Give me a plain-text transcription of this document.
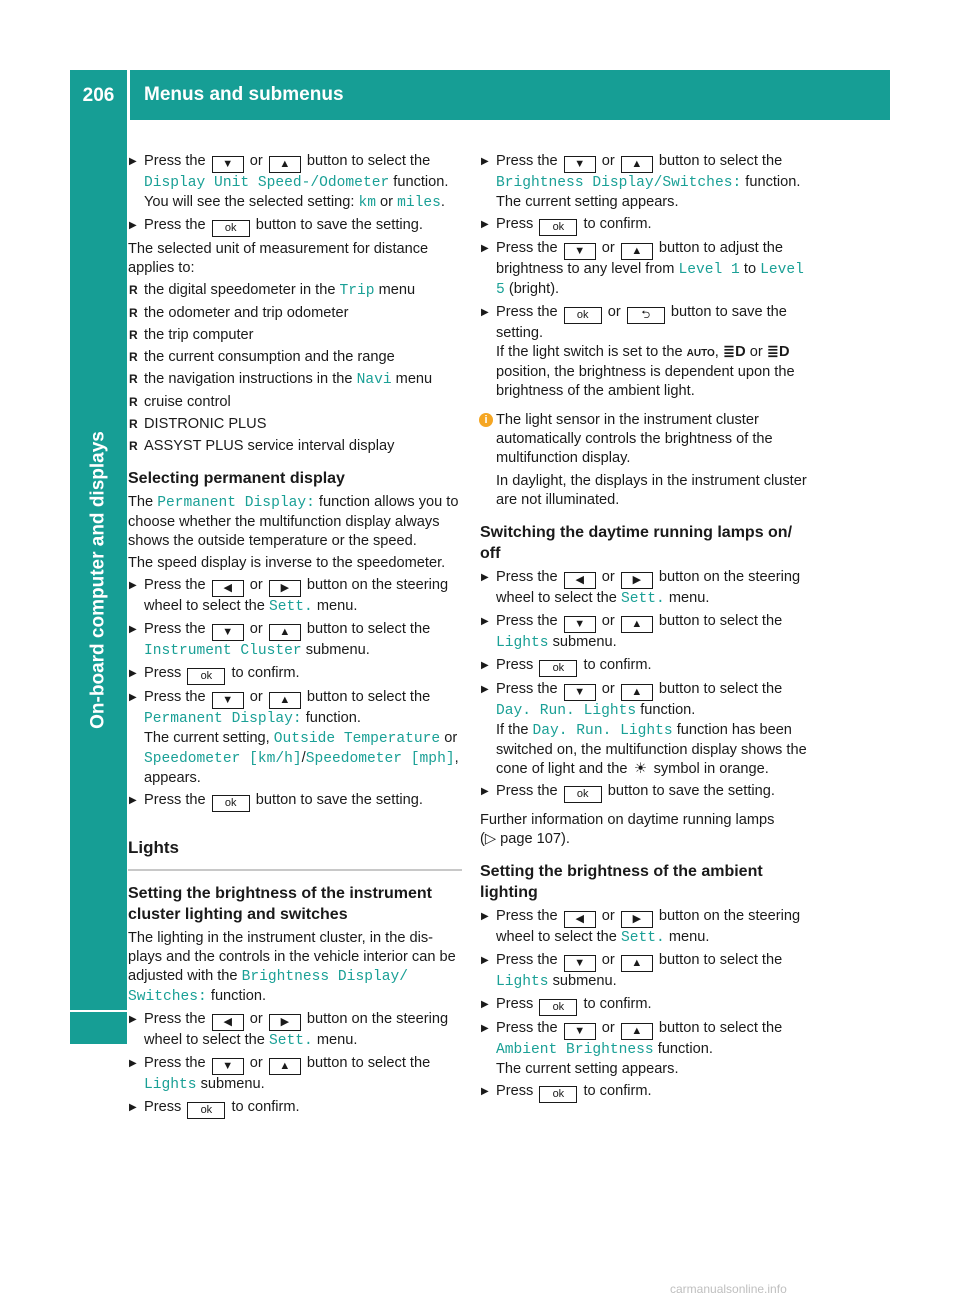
Menus and submenus
206
On-board computer and displays
▶ Press the ▼ or ▲ button to select the Display Unit Speed-/Odometer function.
You will see the selected setting: km or miles.
▶ Press the ok button to save the setting.

The selected unit of measurement for distance applies to:

R the digital speedometer in the Trip menu
R the odometer and trip odometer
R the trip computer
R the current consumption and the range
R the navigation instructions in the Navi menu
R cruise control
R DISTRONIC PLUS
R ASSYST PLUS service interval display
Selecting permanent display

The Permanent Display: function allows you to choose whether the multifunction display always shows the outside temperature or the speed.

The speed display is inverse to the speedometer.

▶ Press the ◀ or ▶ button on the steering wheel to select the Sett. menu.
▶ Press the ▼ or ▲ button to select the Instrument Cluster submenu.
▶ Press ok to confirm.
▶ Press the ▼ or ▲ button to select the Permanent Display: function.
The current setting, Outside Temperature or Speedometer [km/h]/Speedometer [mph], appears.
▶ Press the ok button to save the setting.
Lights
Setting the brightness of the instrument cluster lighting and switches

The lighting in the instrument cluster, in the displays and the controls in the vehicle interior can be adjusted with the Brightness Display/ Switches: function.

▶ Press the ◀ or ▶ button on the steering wheel to select the Sett. menu.
▶ Press the ▼ or ▲ button to select the Lights submenu.
▶ Press ok to confirm.
▶ Press the ▼ or ▲ button to select the Brightness Display/Switches: function.
The current setting appears.
▶ Press ok to confirm.
▶ Press the ▼ or ▲ button to adjust the brightness to any level from Level 1 to Level 5 (bright).
▶ Press the ok or ⮌ button to save the setting.
If the light switch is set to the AUTO, ≣D or ≣D position, the brightness is dependent upon the brightness of the ambient light.
i The light sensor in the instrument cluster automatically controls the brightness of the multifunction display.

In daylight, the displays in the instrument cluster are not illuminated.

Switching the daytime running lamps on/ off
▶ Press the ◀ or ▶ button on the steering wheel to select the Sett. menu.
▶ Press the ▼ or ▲ button to select the Lights submenu.
▶ Press ok to confirm.
▶ Press the ▼ or ▲ button to select the Day. Run. Lights function.
If the Day. Run. Lights function has been switched on, the multifunction display shows the cone of light and the ☀ symbol in orange.
▶ Press the ok button to save the setting.

Further information on daytime running lamps
(▷ page 107).

Setting the brightness of the ambient lighting
▶ Press the ◀ or ▶ button on the steering wheel to select the Sett. menu.
▶ Press the ▼ or ▲ button to select the Lights submenu.
▶ Press ok to confirm.
▶ Press the ▼ or ▲ button to select the Ambient Brightness function.
The current setting appears.
▶ Press ok to confirm.
carmanualsonline.info
